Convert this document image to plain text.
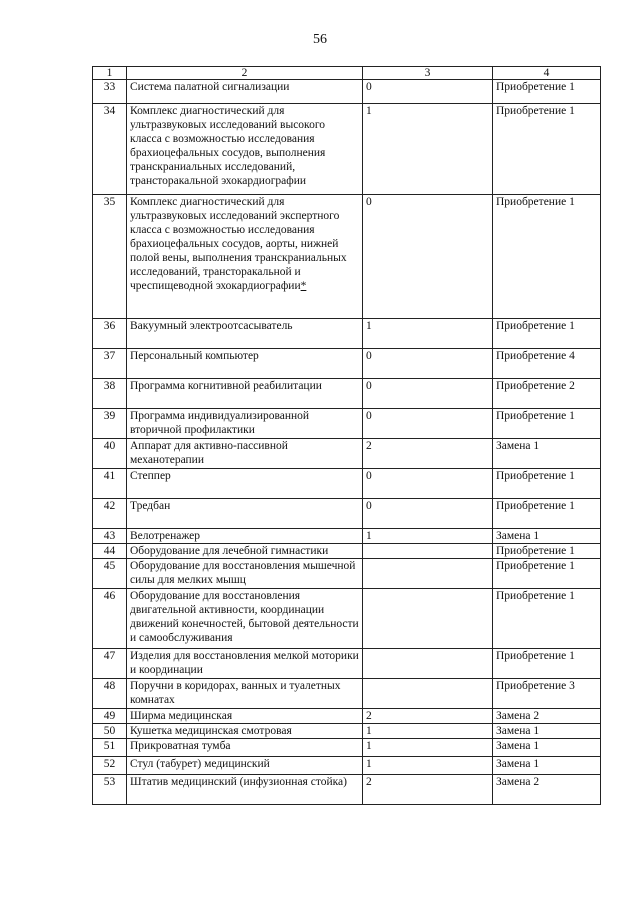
56
1	2	3	4
33	Система палатной сигнализации	0	Приобретение 1
34	Комплекс диагностический для ультразвуковых исследований высокого класса с возможностью исследования брахиоцефальных сосудов, выполнения транскраниальных исследований, трансторакальной эхокардиографии	1	Приобретение 1
35	Комплекс диагностический для ультразвуковых исследований экспертного класса с возможностью исследования брахиоцефальных сосудов, аорты, нижней полой вены, выполнения транскраниальных исследований, трансторакальной и чреспищеводной эхокардиографии*	0	Приобретение 1
36	Вакуумный электроотсасыватель	1	Приобретение 1
37	Персональный компьютер	0	Приобретение 4
38	Программа когнитивной реабилитации	0	Приобретение 2
39	Программа индивидуализированной вторичной профилактики	0	Приобретение 1
40	Аппарат для активно-пассивной механотерапии	2	Замена 1
41	Степпер	0	Приобретение 1
42	Тредбан	0	Приобретение 1
43	Велотренажер	1	Замена 1
44	Оборудование для лечебной гимнастики		Приобретение 1
45	Оборудование для восстановления мышечной силы для мелких мышц		Приобретение 1
46	Оборудование для восстановления двигательной активности, координации движений конечностей, бытовой деятельности и самообслуживания		Приобретение 1
47	Изделия для восстановления мелкой моторики и координации		Приобретение 1
48	Поручни в коридорах, ванных и туалетных комнатах		Приобретение 3
49	Ширма медицинская	2	Замена 2
50	Кушетка медицинская смотровая	1	Замена 1
51	Прикроватная тумба	1	Замена 1
52	Стул (табурет) медицинский	1	Замена 1
53	Штатив медицинский (инфузионная стойка)	2	Замена 2
